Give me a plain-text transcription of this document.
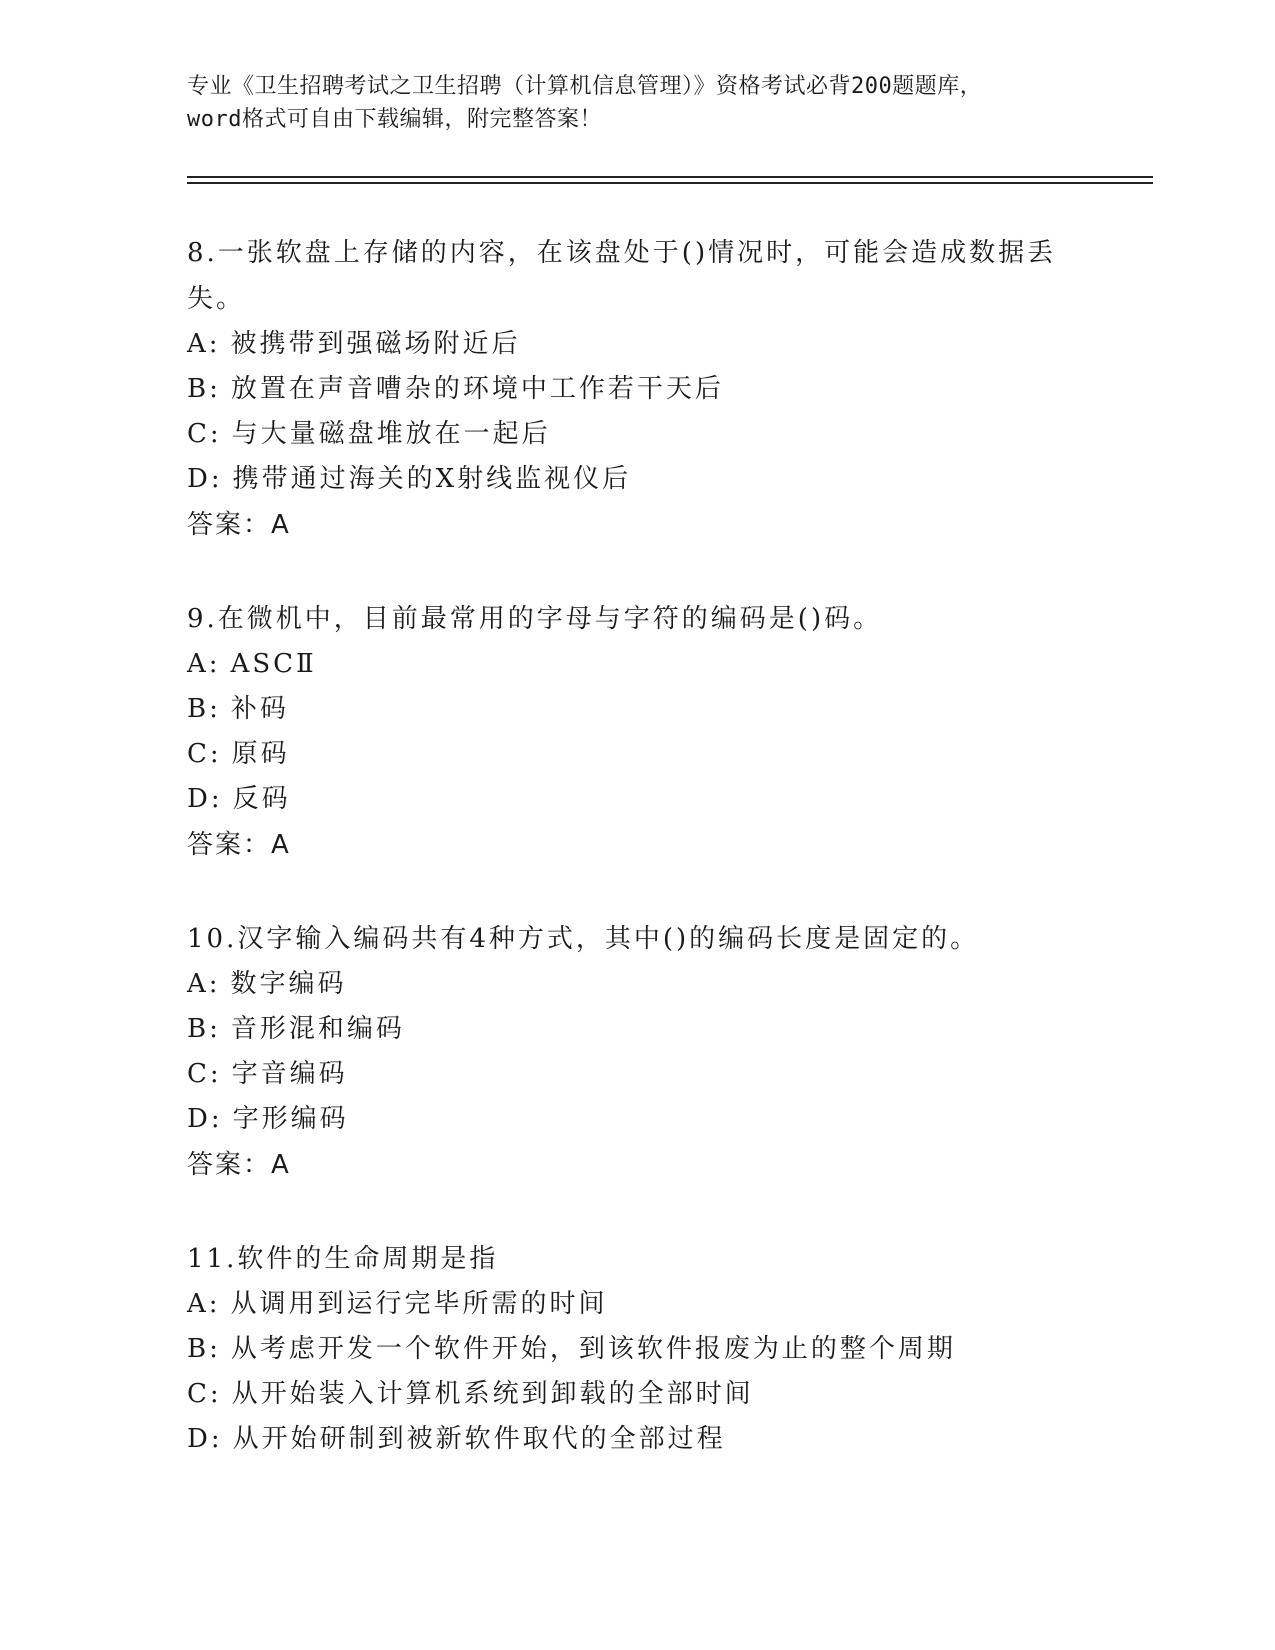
专业《卫生招聘考试之卫生招聘（计算机信息管理）》资格考试必背200题题库，
word格式可自由下载编辑，附完整答案！

8.一张软盘上存储的内容，在该盘处于()情况时，可能会造成数据丢失。

A: 被携带到强磁场附近后

B: 放置在声音嘈杂的环境中工作若干天后

C: 与大量磁盘堆放在一起后

D: 携带通过海关的X射线监视仪后

答案：A

9.在微机中，目前最常用的字母与字符的编码是()码。

A: ASCⅡ

B: 补码

C: 原码

D: 反码

答案：A

10.汉字输入编码共有4种方式，其中()的编码长度是固定的。

A: 数字编码

B: 音形混和编码

C: 字音编码

D: 字形编码

答案：A

11.软件的生命周期是指

A: 从调用到运行完毕所需的时间

B: 从考虑开发一个软件开始，到该软件报废为止的整个周期

C: 从开始装入计算机系统到卸载的全部时间

D: 从开始研制到被新软件取代的全部过程
